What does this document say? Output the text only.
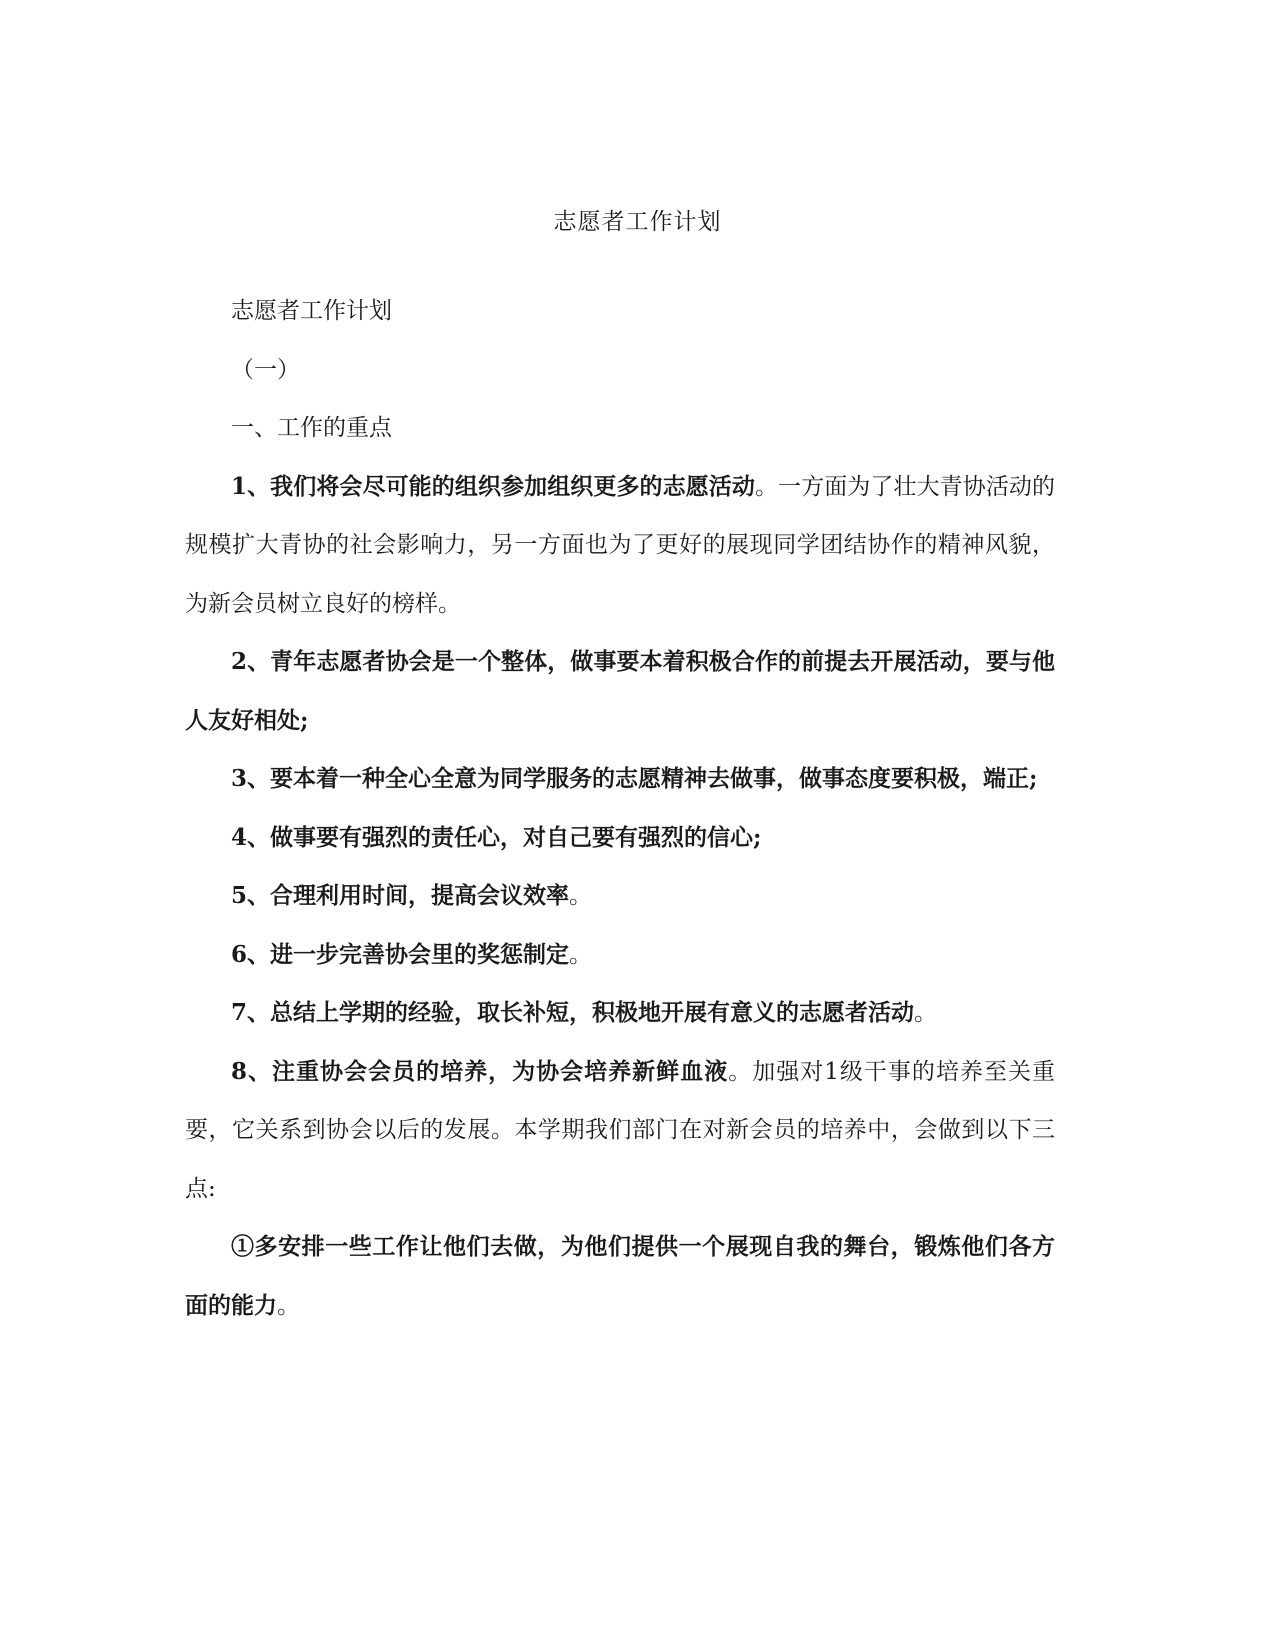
志愿者工作计划

志愿者工作计划

（一）

一、工作的重点

1、我们将会尽可能的组织参加组织更多的志愿活动。一方面为了壮大青协活动的规模扩大青协的社会影响力，另一方面也为了更好的展现同学团结协作的精神风貌，为新会员树立良好的榜样。

2、青年志愿者协会是一个整体，做事要本着积极合作的前提去开展活动，要与他人友好相处;

3、要本着一种全心全意为同学服务的志愿精神去做事，做事态度要积极，端正;

4、做事要有强烈的责任心，对自己要有强烈的信心;

5、合理利用时间，提高会议效率。

6、进一步完善协会里的奖惩制定。

7、总结上学期的经验，取长补短，积极地开展有意义的志愿者活动。

8、注重协会会员的培养，为协会培养新鲜血液。加强对1级干事的培养至关重要，它关系到协会以后的发展。本学期我们部门在对新会员的培养中，会做到以下三点:

①多安排一些工作让他们去做，为他们提供一个展现自我的舞台，锻炼他们各方面的能力。
